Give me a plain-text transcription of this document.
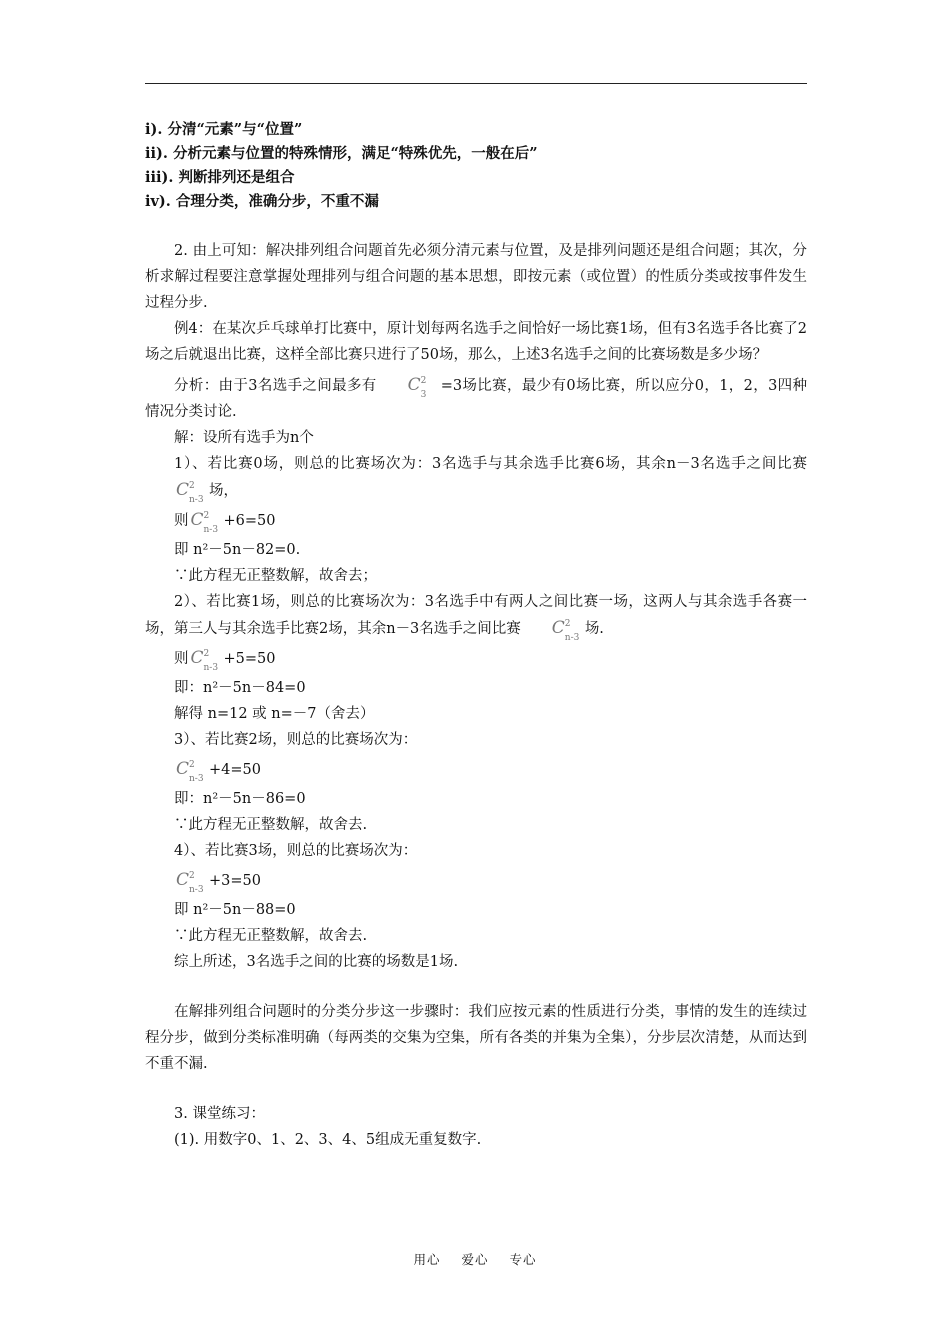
i). 分清“元素”与“位置”
ii). 分析元素与位置的特殊情形，满足“特殊优先，一般在后”
iii). 判断排列还是组合
iv). 合理分类，准确分步，不重不漏
2. 由上可知：解决排列组合问题首先必须分清元素与位置，及是排列问题还是组合问题；其次，分析求解过程要注意掌握处理排列与组合问题的基本思想，即按元素（或位置）的性质分类或按事件发生过程分步.
例4：在某次乒乓球单打比赛中，原计划每两名选手之间恰好一场比赛1场，但有3名选手各比赛了2场之后就退出比赛，这样全部比赛只进行了50场，那么，上述3名选手之间的比赛场数是多少场？
分析：由于3名选手之间最多有 C 2
3
=3场比赛，最少有0场比赛，所以应分0，1，2，3四种情况分类讨论.
解：设所有选手为n个
1）、若比赛0场，则总的比赛场次为：3名选手与其余选手比赛6场，其余n－3名选手之间比赛C 2
n-3
场，
则 C 2
n-3
+6=50
即 n²－5n－82=0.
∵此方程无正整数解，故舍去；
2）、若比赛1场，则总的比赛场次为：3名选手中有两人之间比赛一场，这两人与其余选手各赛一场，第三人与其余选手比赛2场，其余n－3名选手之间比赛 C 2
n-3
场.
则 C 2
n-3
+5=50
即：n²－5n－84=0
解得 n=12 或 n=－7（舍去）
3）、若比赛2场，则总的比赛场次为：
C 2
n-3
+4=50
即：n²－5n－86=0
∵此方程无正整数解，故舍去.
4）、若比赛3场，则总的比赛场次为：
C 2
n-3
+3=50
即 n²－5n－88=0
∵此方程无正整数解，故舍去.
综上所述，3名选手之间的比赛的场数是1场.
在解排列组合问题时的分类分步这一步骤时：我们应按元素的性质进行分类，事情的发生的连续过程分步，做到分类标准明确（每两类的交集为空集，所有各类的并集为全集），分步层次清楚，从而达到不重不漏.
3. 课堂练习：
(1). 用数字0、1、2、3、4、5组成无重复数字.
用心 爱心 专心
